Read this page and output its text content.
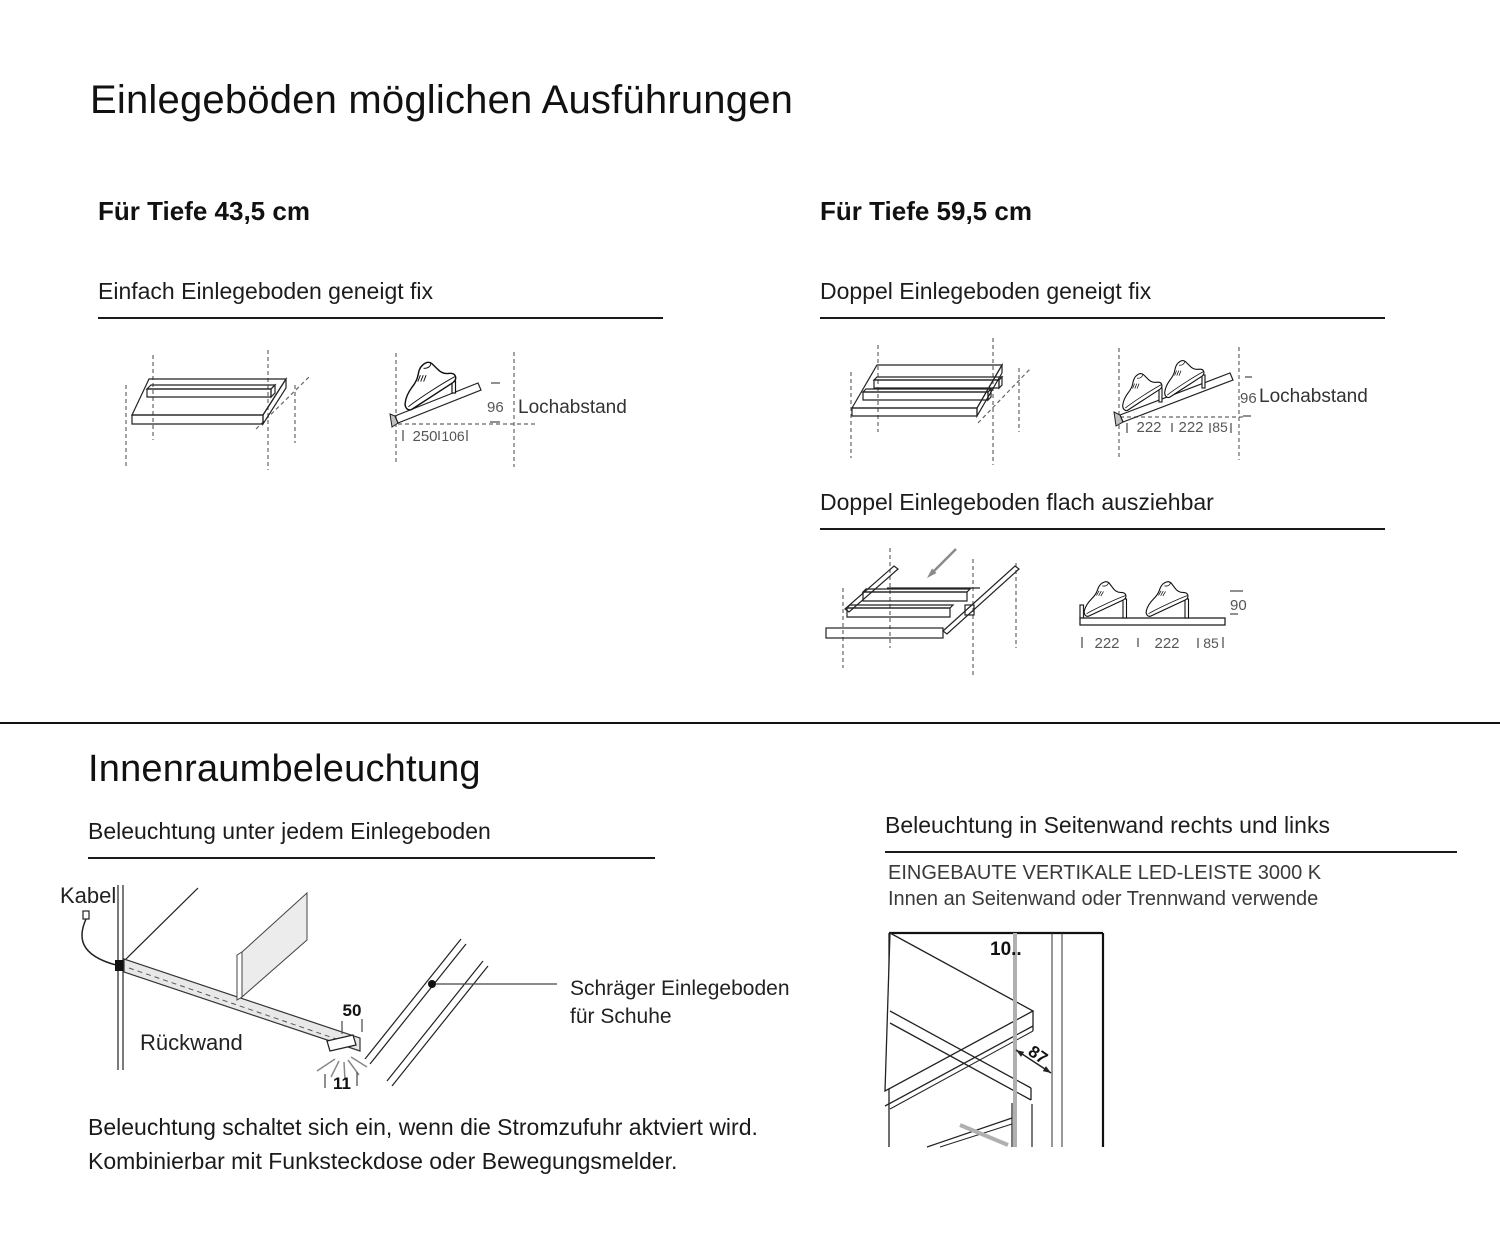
Einlegeböden möglichen Ausführungen
Für Tiefe 43,5 cm	Für Tiefe 59,5 cm
Einfach Einlegeboden geneigt fix	Doppel Einlegeboden geneigt fix
250 106
96 Lochabstand
222 222 85
96 Lochabstand
Doppel Einlegeboden flach ausziehbar
90
222 222 85
Innenraumbeleuchtung
Beleuchtung unter jedem Einlegeboden	Beleuchtung in Seitenwand rechts und links
EINGEBAUTE VERTIKALE LED-LEISTE 3000 K
Innen an Seitenwand oder Trennwand verwende
Kabel
50
11
Rückwand
Schräger Einlegeboden
für Schuhe
10..
87
Beleuchtung schaltet sich ein, wenn die Stromzufuhr aktviert wird.
Kombinierbar mit Funksteckdose oder Bewegungsmelder.
